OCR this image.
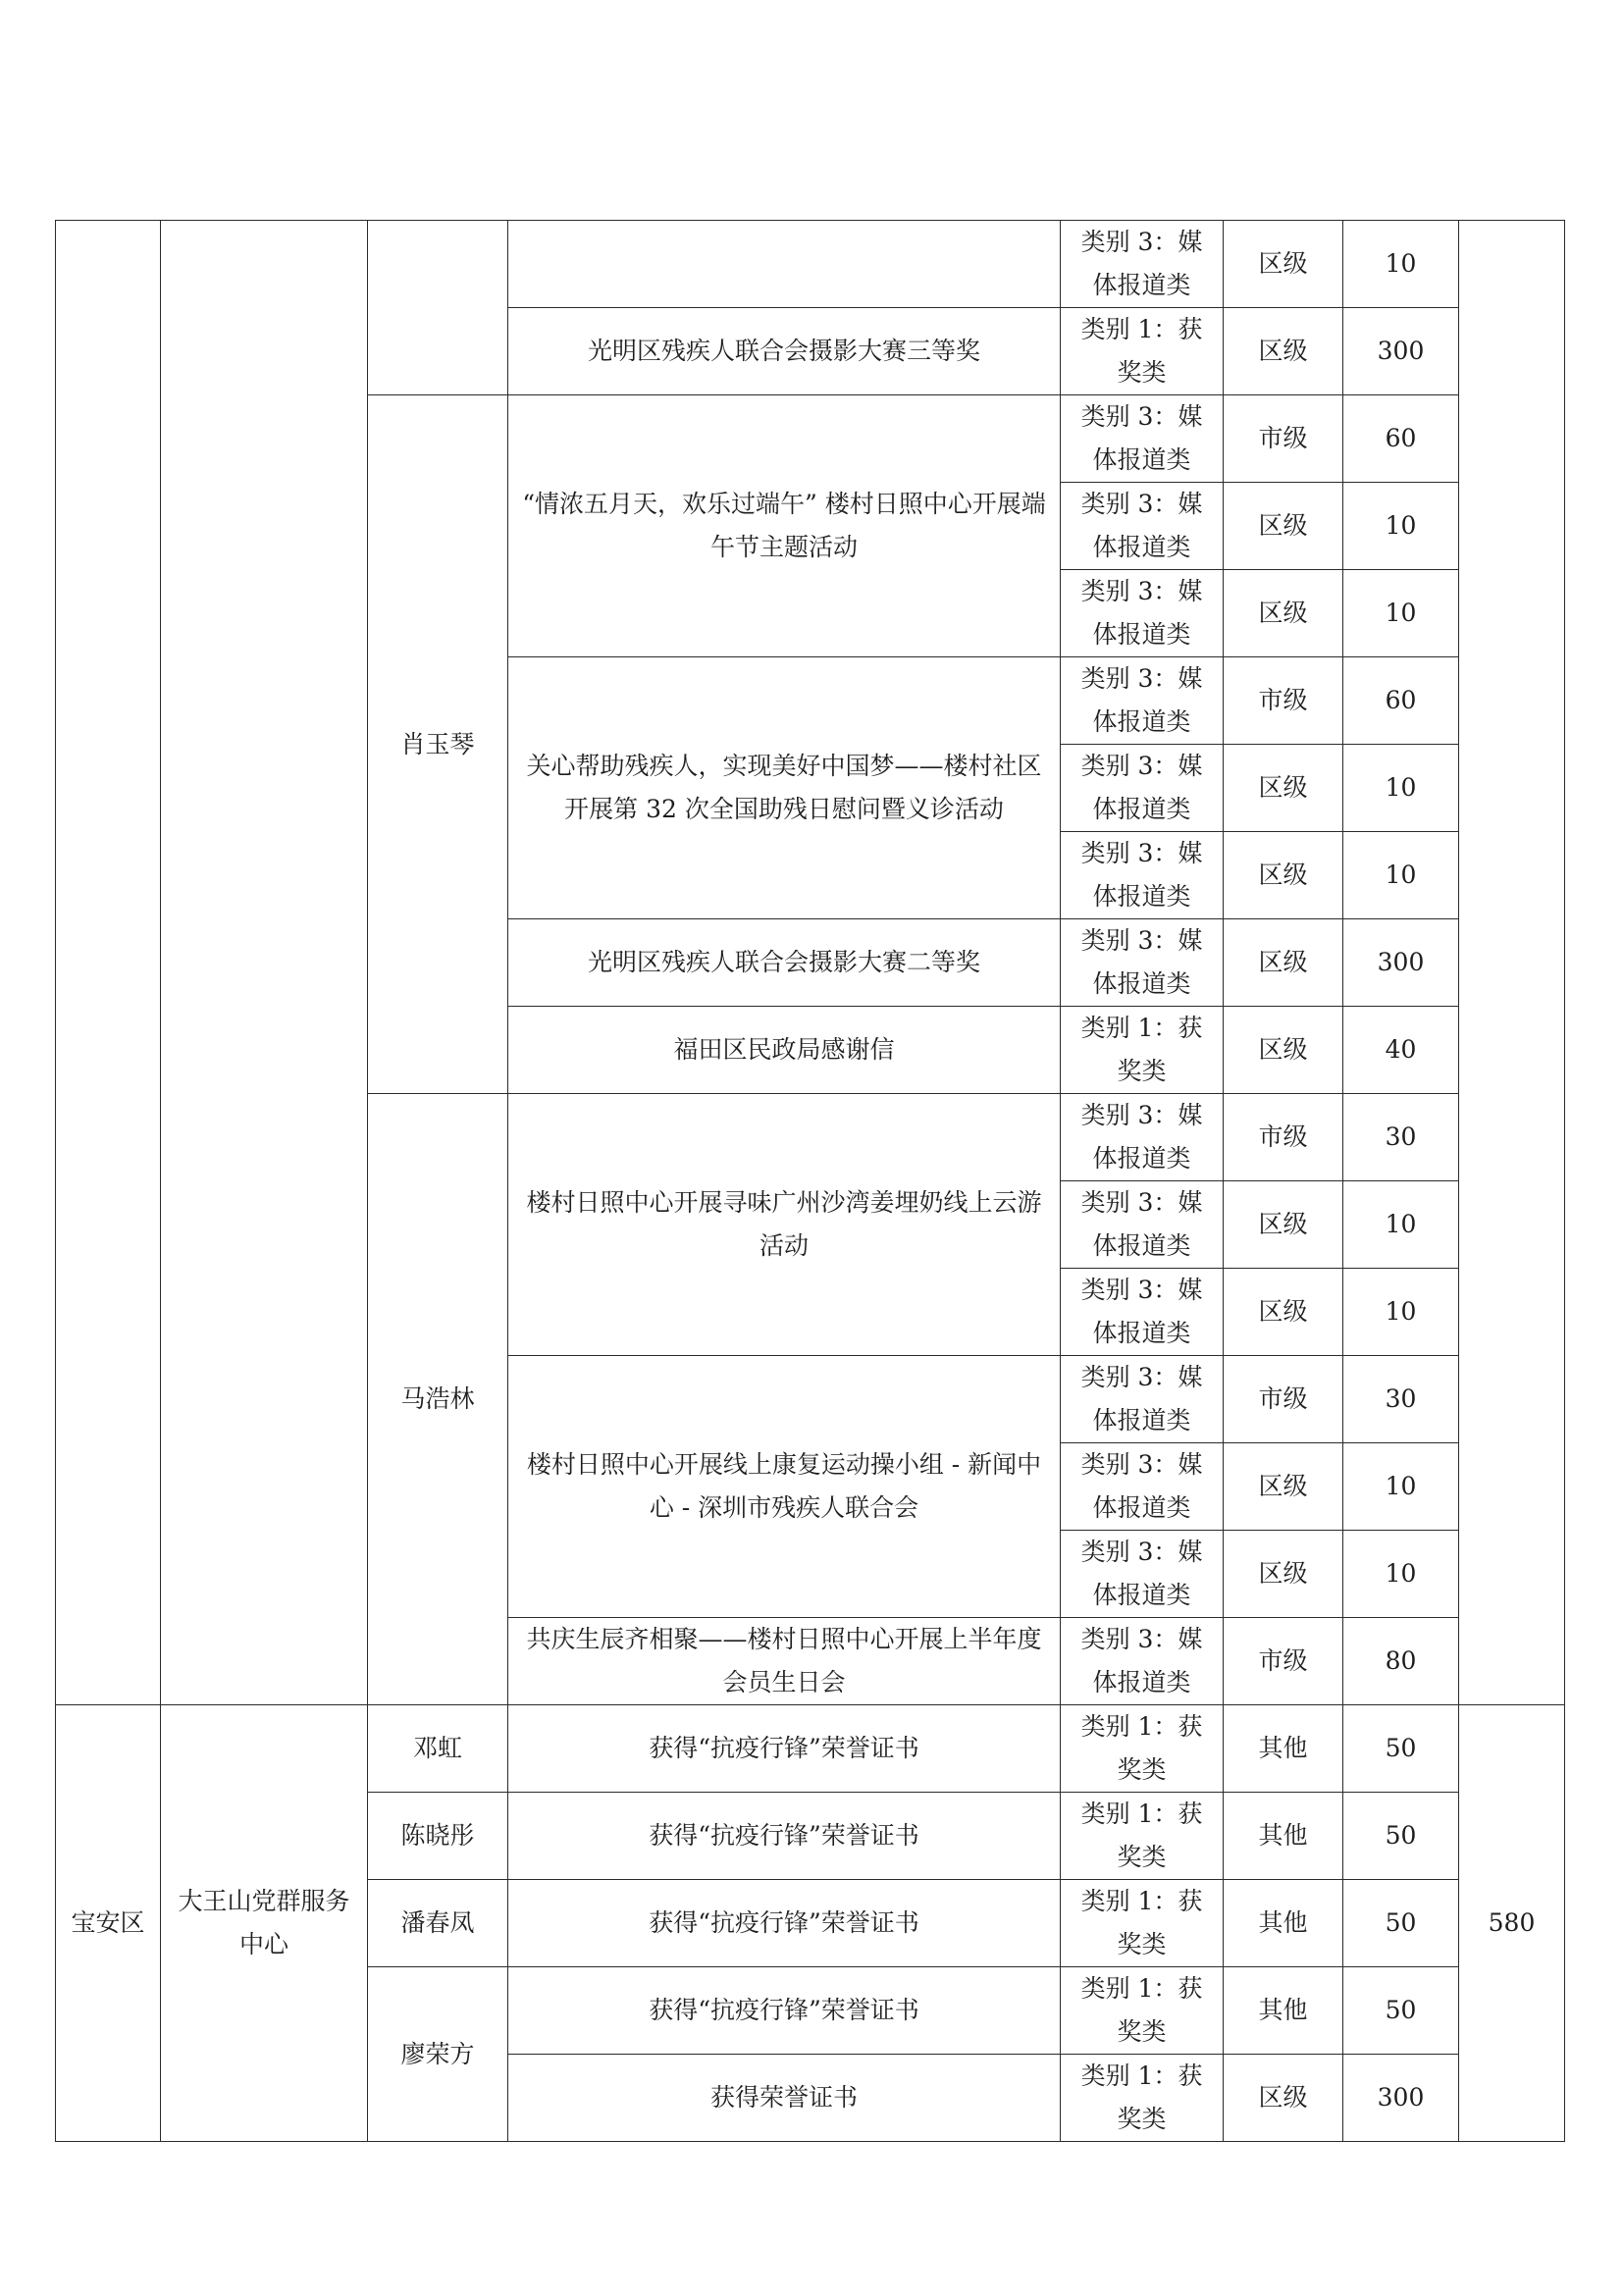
				类别 3：媒体报道类	区级	10	
			光明区残疾人联合会摄影大赛三等奖	类别 1：获奖类	区级	300	
		肖玉琴	“情浓五月天，欢乐过端午” 楼村日照中心开展端午节主题活动	类别 3：媒体报道类	市级	60	
				类别 3：媒体报道类	区级	10	
				类别 3：媒体报道类	区级	10	
			关心帮助残疾人，实现美好中国梦——楼村社区开展第 32 次全国助残日慰问暨义诊活动	类别 3：媒体报道类	市级	60	
				类别 3：媒体报道类	区级	10	
				类别 3：媒体报道类	区级	10	
			光明区残疾人联合会摄影大赛二等奖	类别 3：媒体报道类	区级	300	
			福田区民政局感谢信	类别 1：获奖类	区级	40	
		马浩林	楼村日照中心开展寻味广州沙湾姜埋奶线上云游活动	类别 3：媒体报道类	市级	30	
				类别 3：媒体报道类	区级	10	
				类别 3：媒体报道类	区级	10	
			楼村日照中心开展线上康复运动操小组 - 新闻中心 - 深圳市残疾人联合会	类别 3：媒体报道类	市级	30	
				类别 3：媒体报道类	区级	10	
				类别 3：媒体报道类	区级	10	
			共庆生辰齐相聚——楼村日照中心开展上半年度会员生日会	类别 3：媒体报道类	市级	80	
宝安区	大王山党群服务中心	邓虹	获得“抗疫行锋”荣誉证书	类别 1：获奖类	其他	50	580
		陈晓彤	获得“抗疫行锋”荣誉证书	类别 1：获奖类	其他	50	
		潘春凤	获得“抗疫行锋”荣誉证书	类别 1：获奖类	其他	50	
		廖荣方	获得“抗疫行锋”荣誉证书	类别 1：获奖类	其他	50	
			获得荣誉证书	类别 1：获奖类	区级	300	
